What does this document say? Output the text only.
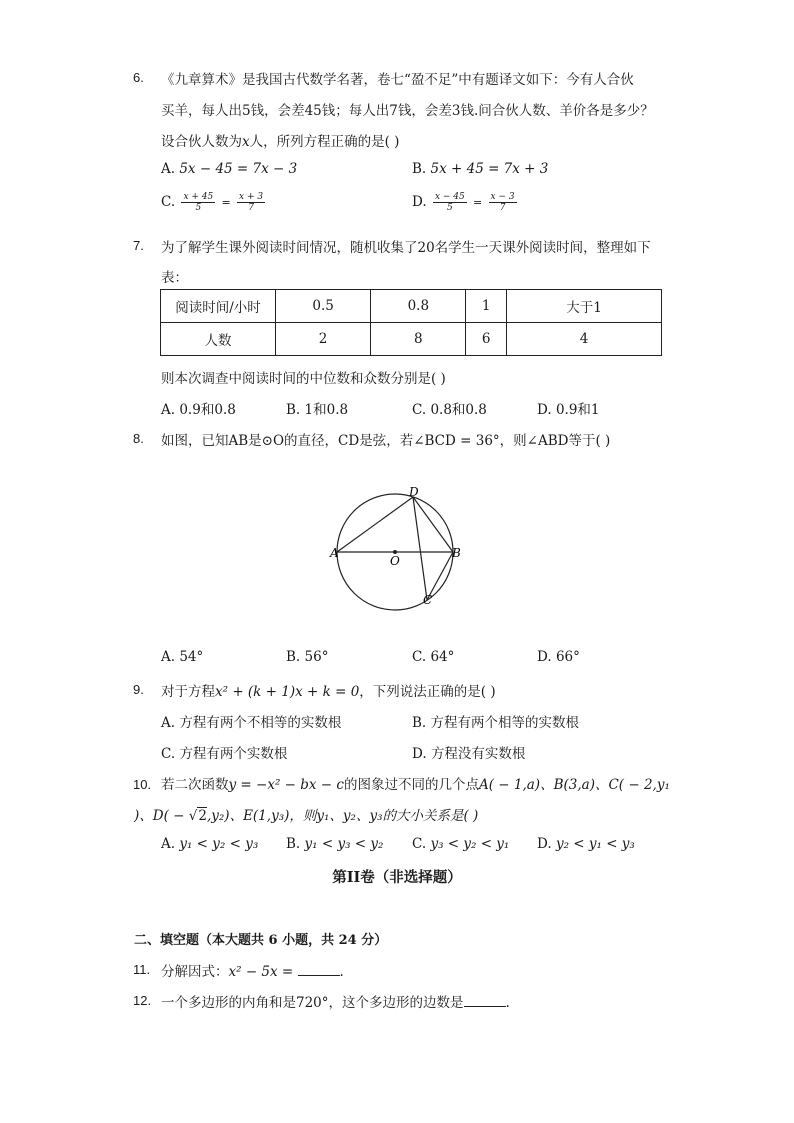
6. 《九章算术》是我国古代数学名著，卷七“盈不足”中有题译文如下：今有人合伙
买羊，每人出5钱，会差45钱；每人出7钱，会差3钱.问合伙人数、羊价各是多少？
设合伙人数为x人，所列方程正确的是( )
A. 5x − 45 = 7x − 3	B. 5x + 45 = 7x + 3
C. $\frac{x + 45}{5} = \frac{x + 3}{7}$	D. $\frac{x - 45}{5} = \frac{x - 3}{7}$
7. 为了解学生课外阅读时间情况，随机收集了20名学生一天课外阅读时间，整理如下
表：
阅读时间/小时	0.5	0.8	1	大于1
人数	2	8	6	4
则本次调查中阅读时间的中位数和众数分别是( )
A. 0.9和0.8	B. 1和0.8	C. 0.8和0.8	D. 0.9和1
8. 如图，已知AB是⊙O的直径，CD是弦，若∠BCD = 36°，则∠ABD等于( )
A	B
C
D
O
A. 54°	B. 56°	C. 64°	D. 66°
9. 对于方程x² + (k + 1)x + k = 0，下列说法正确的是( )
A. 方程有两个不相等的实数根	B. 方程有两个相等的实数根
C. 方程有两个实数根	D. 方程没有实数根
10. 若二次函数y = −x² − bx − c的图象过不同的几个点A( − 1,a)、B(3,a)、C( − 2,y₁
)、D( − √2,y₂)、E(1,y₃)，则y₁、y₂、y₃的大小关系是( )
A. y₁ < y₂ < y₃ B. y₁ < y₃ < y₂ C. y₃ < y₂ < y₁ D. y₂ < y₁ < y₃
第II卷（非选择题）
二、填空题（本大题共 6 小题，共 24 分）
11. 分解因式：x² − 5x =	.
12. 一个多边形的内角和是720°，这个多边形的边数是	.
